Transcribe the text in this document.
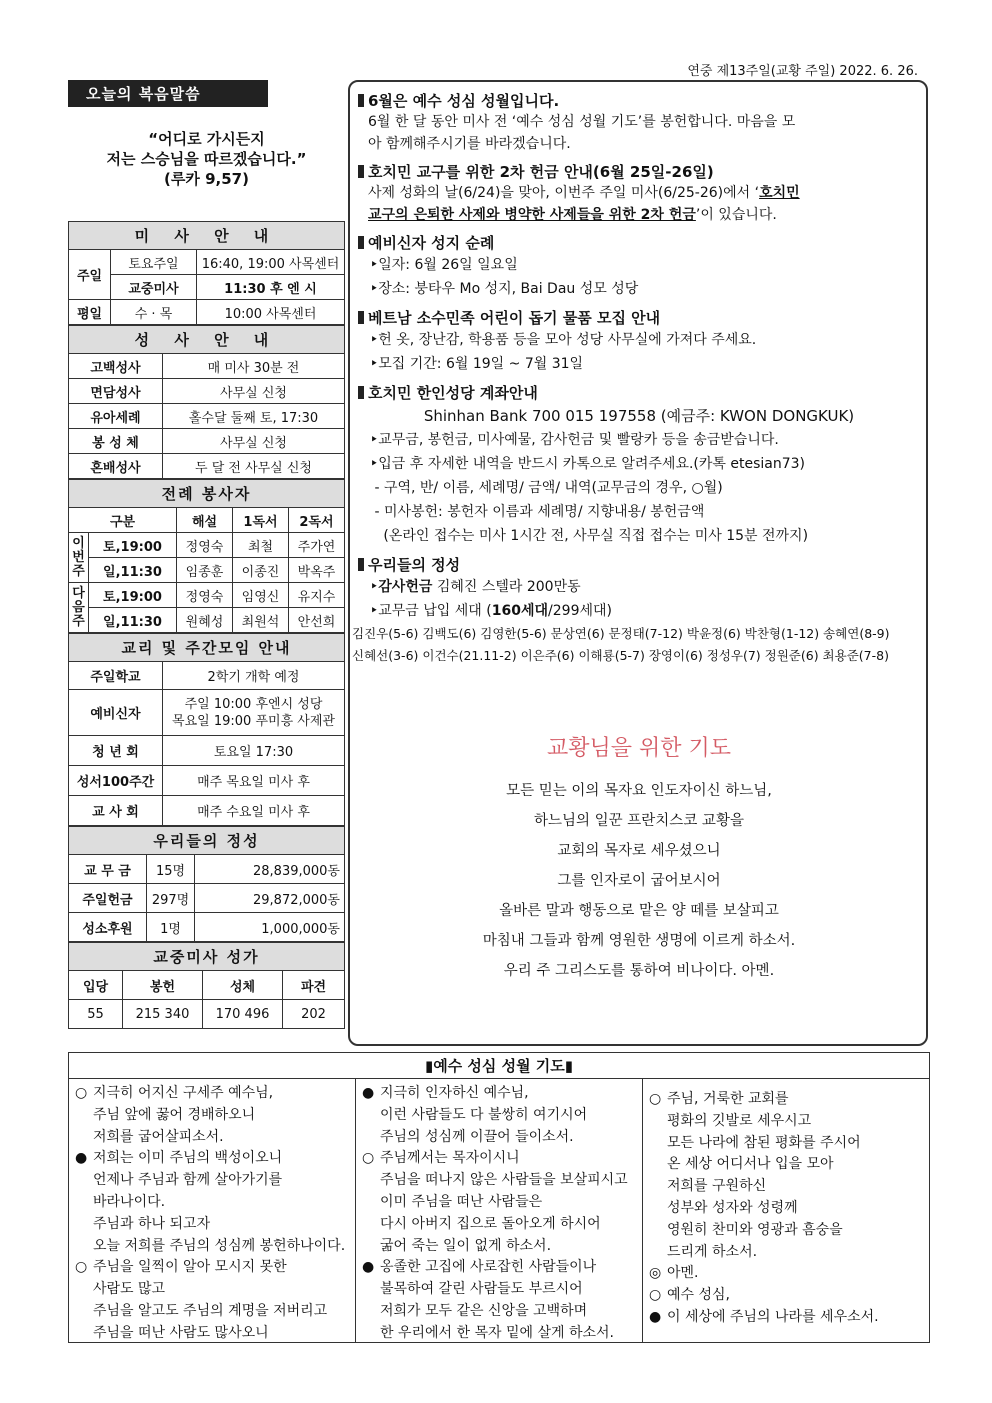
연중 제13주일(교황 주일) 2022. 6. 26.
오늘의 복음말씀
“어디로 가시든지
저는 스승님을 따르겠습니다.”
(루카 9,57)
미 사 안 내
주일	토요주일	16:40, 19:00 사목센터
	교중미사	11:30 후 엔 시
평일	수 · 목	10:00 사목센터
성 사 안 내
고백성사	매 미사 30분 전
면담성사	사무실 신청
유아세례	홀수달 둘째 토, 17:30
봉 성 체	사무실 신청
혼배성사	두 달 전 사무실 신청
전례 봉사자
구분		해설	1독서	2독서
이
번
주	토,19:00	정영숙	최철	주가연
	일,11:30	임종훈	이종진	박옥주
다
음
주	토,19:00	정영숙	임영신	유지수
	일,11:30	원혜성	최원석	안선희
교리 및 주간모임 안내
주일학교	2학기 개학 예정
예비신자	주일 10:00 후엔시 성당
목요일 19:00 푸미흥 사제관

청 년 회	토요일 17:30
성서100주간	매주 목요일 미사 후
교 사 회	매주 수요일 미사 후
우리들의 정성
교 무 금	15명	28,839,000동
주일헌금	297명	29,872,000동
성소후원	1명	1,000,000동
교중미사 성가
입당	봉헌	성체	파견
55	215 340	170 496	202
6월은 예수 성심 성월입니다.
6월 한 달 동안 미사 전 ‘예수 성심 성월 기도’를 봉헌합니다. 마음을 모
아 함께해주시기를 바라겠습니다.
호치민 교구를 위한 2차 헌금 안내(6월 25일-26일)
사제 성화의 날(6/24)을 맞아, 이번주 주일 미사(6/25-26)에서 ‘호치민
교구의 은퇴한 사제와 병약한 사제들을 위한 2차 헌금’이 있습니다.
예비신자 성지 순례
‣일자: 6월 26일 일요일
‣장소: 붕타우 Mo 성지, Bai Dau 성모 성당
베트남 소수민족 어린이 돕기 물품 모집 안내
‣헌 옷, 장난감, 학용품 등을 모아 성당 사무실에 가져다 주세요.
‣모집 기간: 6월 19일 ~ 7월 31일
호치민 한인성당 계좌안내
Shinhan Bank 700 015 197558 (예금주: KWON DONGKUK)
‣교무금, 봉헌금, 미사예물, 감사헌금 및 빨랑카 등을 송금받습니다.
‣입금 후 자세한 내역을 반드시 카톡으로 알려주세요.(카톡 etesian73)
- 구역, 반/ 이름, 세례명/ 금액/ 내역(교무금의 경우, ○월)
- 미사봉헌: 봉헌자 이름과 세례명/ 지향내용/ 봉헌금액
(온라인 접수는 미사 1시간 전, 사무실 직접 접수는 미사 15분 전까지)
우리들의 정성
‣감사헌금 김혜진 스텔라 200만동
‣교무금 납입 세대 (160세대/299세대)
김진우(5-6) 김백도(6) 김영한(5-6) 문상연(6) 문정태(7-12) 박윤정(6) 박찬형(1-12) 송혜연(8-9)
신혜선(3-6) 이건수(21.11-2) 이은주(6) 이해룡(5-7) 장영이(6) 정성우(7) 정원준(6) 최용준(7-8)
교황님을 위한 기도
모든 믿는 이의 목자요 인도자이신 하느님,
하느님의 일꾼 프란치스코 교황을
교회의 목자로 세우셨으니
그를 인자로이 굽어보시어
올바른 말과 행동으로 맡은 양 떼를 보살피고
마침내 그들과 함께 영원한 생명에 이르게 하소서.
우리 주 그리스도를 통하여 비나이다. 아멘.
▮예수 성심 성월 기도▮
○ 지극히 어지신 구세주 예수님,
주님 앞에 꿇어 경배하오니
저희를 굽어살피소서.
● 저희는 이미 주님의 백성이오니
언제나 주님과 함께 살아가기를
바라나이다.
주님과 하나 되고자
오늘 저희를 주님의 성심께 봉헌하나이다.
○ 주님을 일찍이 알아 모시지 못한
사람도 많고
주님을 알고도 주님의 계명을 저버리고
주님을 떠난 사람도 많사오니
● 지극히 인자하신 예수님,
이런 사람들도 다 불쌍히 여기시어
주님의 성심께 이끌어 들이소서.
○ 주님께서는 목자이시니
주님을 떠나지 않은 사람들을 보살피시고
이미 주님을 떠난 사람들은
다시 아버지 집으로 돌아오게 하시어
굶어 죽는 일이 없게 하소서.
● 옹졸한 고집에 사로잡힌 사람들이나
불목하여 갈린 사람들도 부르시어
저희가 모두 같은 신앙을 고백하며
한 우리에서 한 목자 밑에 살게 하소서.
○ 주님, 거룩한 교회를
평화의 깃발로 세우시고
모든 나라에 참된 평화를 주시어
온 세상 어디서나 입을 모아
저희를 구원하신
성부와 성자와 성령께
영원히 찬미와 영광과 흠숭을
드리게 하소서.
◎ 아멘.
○ 예수 성심,
● 이 세상에 주님의 나라를 세우소서.
